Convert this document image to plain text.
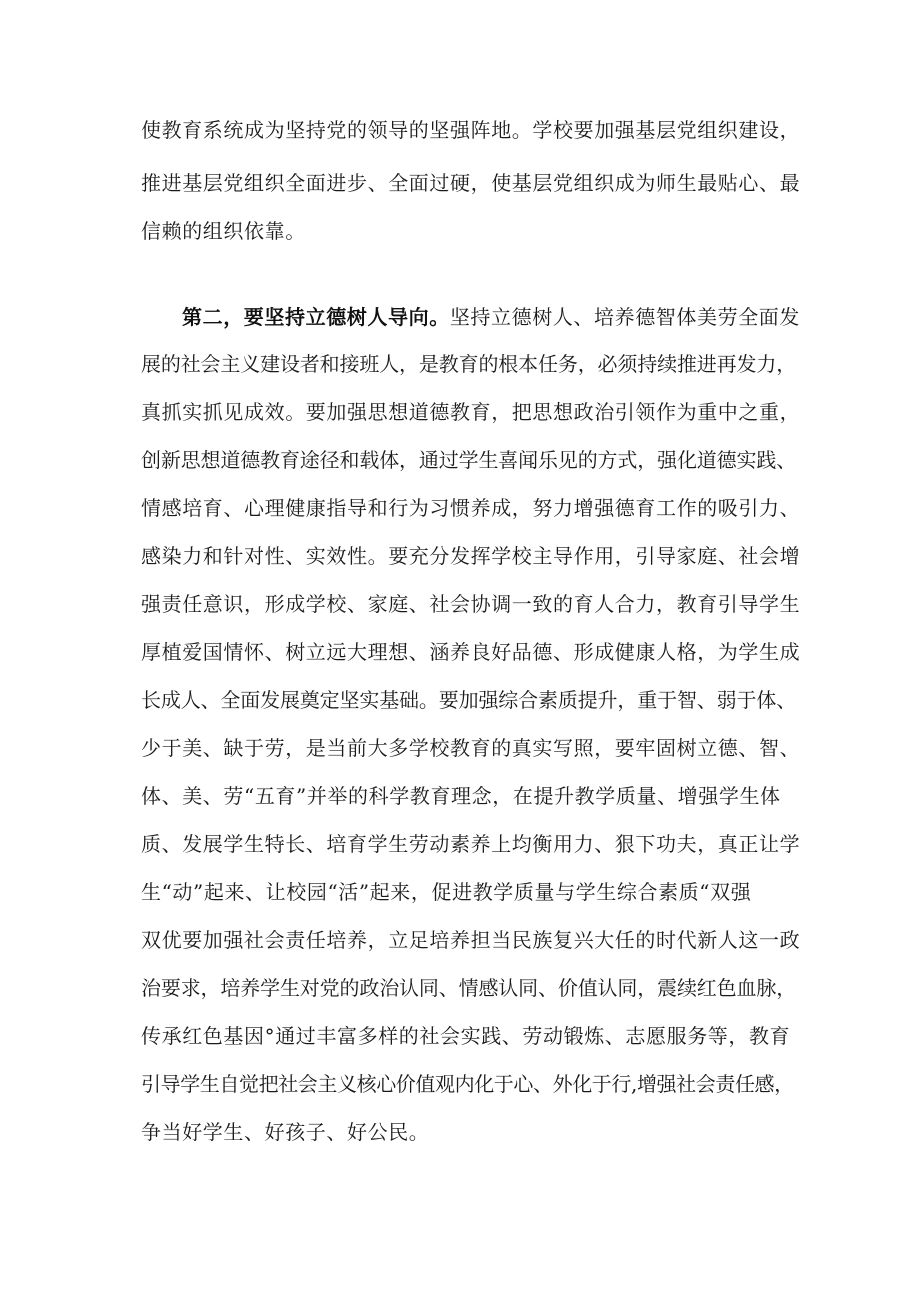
使教育系统成为坚持党的领导的坚强阵地。学校要加强基层党组织建设，
推进基层党组织全面进步、全面过硬，使基层党组织成为师生最贴心、最
信赖的组织依靠。
第二，要坚持立德树人导向。坚持立德树人、培养德智体美劳全面发
展的社会主义建设者和接班人，是教育的根本任务，必须持续推进再发力，
真抓实抓见成效。要加强思想道德教育，把思想政治引领作为重中之重，
创新思想道德教育途径和载体，通过学生喜闻乐见的方式，强化道德实践、
情感培育、心理健康指导和行为习惯养成，努力增强德育工作的吸引力、
感染力和针对性、实效性。要充分发挥学校主导作用，引导家庭、社会增
强责任意识，形成学校、家庭、社会协调一致的育人合力，教育引导学生
厚植爱国情怀、树立远大理想、涵养良好品德、形成健康人格，为学生成
长成人、全面发展奠定坚实基础。要加强综合素质提升，重于智、弱于体、
少于美、缺于劳，是当前大多学校教育的真实写照，要牢固树立德、智、
体、美、劳“五育”并举的科学教育理念，在提升教学质量、增强学生体
质、发展学生特长、培育学生劳动素养上均衡用力、狠下功夫，真正让学
生“动”起来、让校园“活”起来，促进教学质量与学生综合素质“双强
双优要加强社会责任培养，立足培养担当民族复兴大任的时代新人这一政
治要求，培养学生对党的政治认同、情感认同、价值认同，震续红色血脉，
传承红色基因°通过丰富多样的社会实践、劳动锻炼、志愿服务等，教育
引导学生自觉把社会主义核心价值观内化于心、外化于行,增强社会责任感，
争当好学生、好孩子、好公民。
